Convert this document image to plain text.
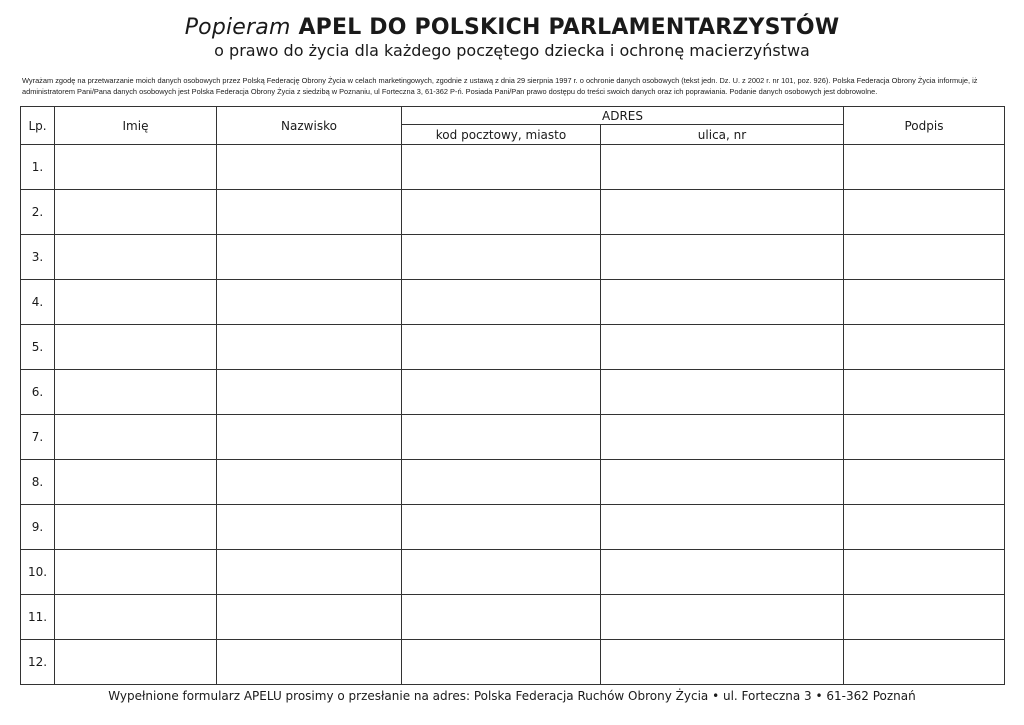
Popieram APEL DO POLSKICH PARLAMENTARZYSTÓW
o prawo do życia dla każdego poczętego dziecka i ochronę macierzyństwa
Wyrażam zgodę na przetwarzanie moich danych osobowych przez Polską Federację Obrony Życia w celach marketingowych, zgodnie z ustawą z dnia 29 sierpnia 1997 r. o ochronie danych osobowych (tekst jedn. Dz. U. z 2002 r. nr 101, poz. 926). Polska Federacja Obrony Życia informuje, iż administratorem Pani/Pana danych osobowych jest Polska Federacja Obrony Życia z siedzibą w Poznaniu, ul Forteczna 3, 61-362 P-ń. Posiada Pani/Pan prawo dostępu do treści swoich danych oraz ich poprawiania. Podanie danych osobowych jest dobrowolne.
Lp.	Imię	Nazwisko	ADRES		Podpis
			kod pocztowy, miasto	ulica, nr	
1.					
2.					
3.					
4.					
5.					
6.					
7.					
8.					
9.					
10.					
11.					
12.					
Wypełnione formularz APELU prosimy o przesłanie na adres: Polska Federacja Ruchów Obrony Życia • ul. Forteczna 3 • 61-362 Poznań
